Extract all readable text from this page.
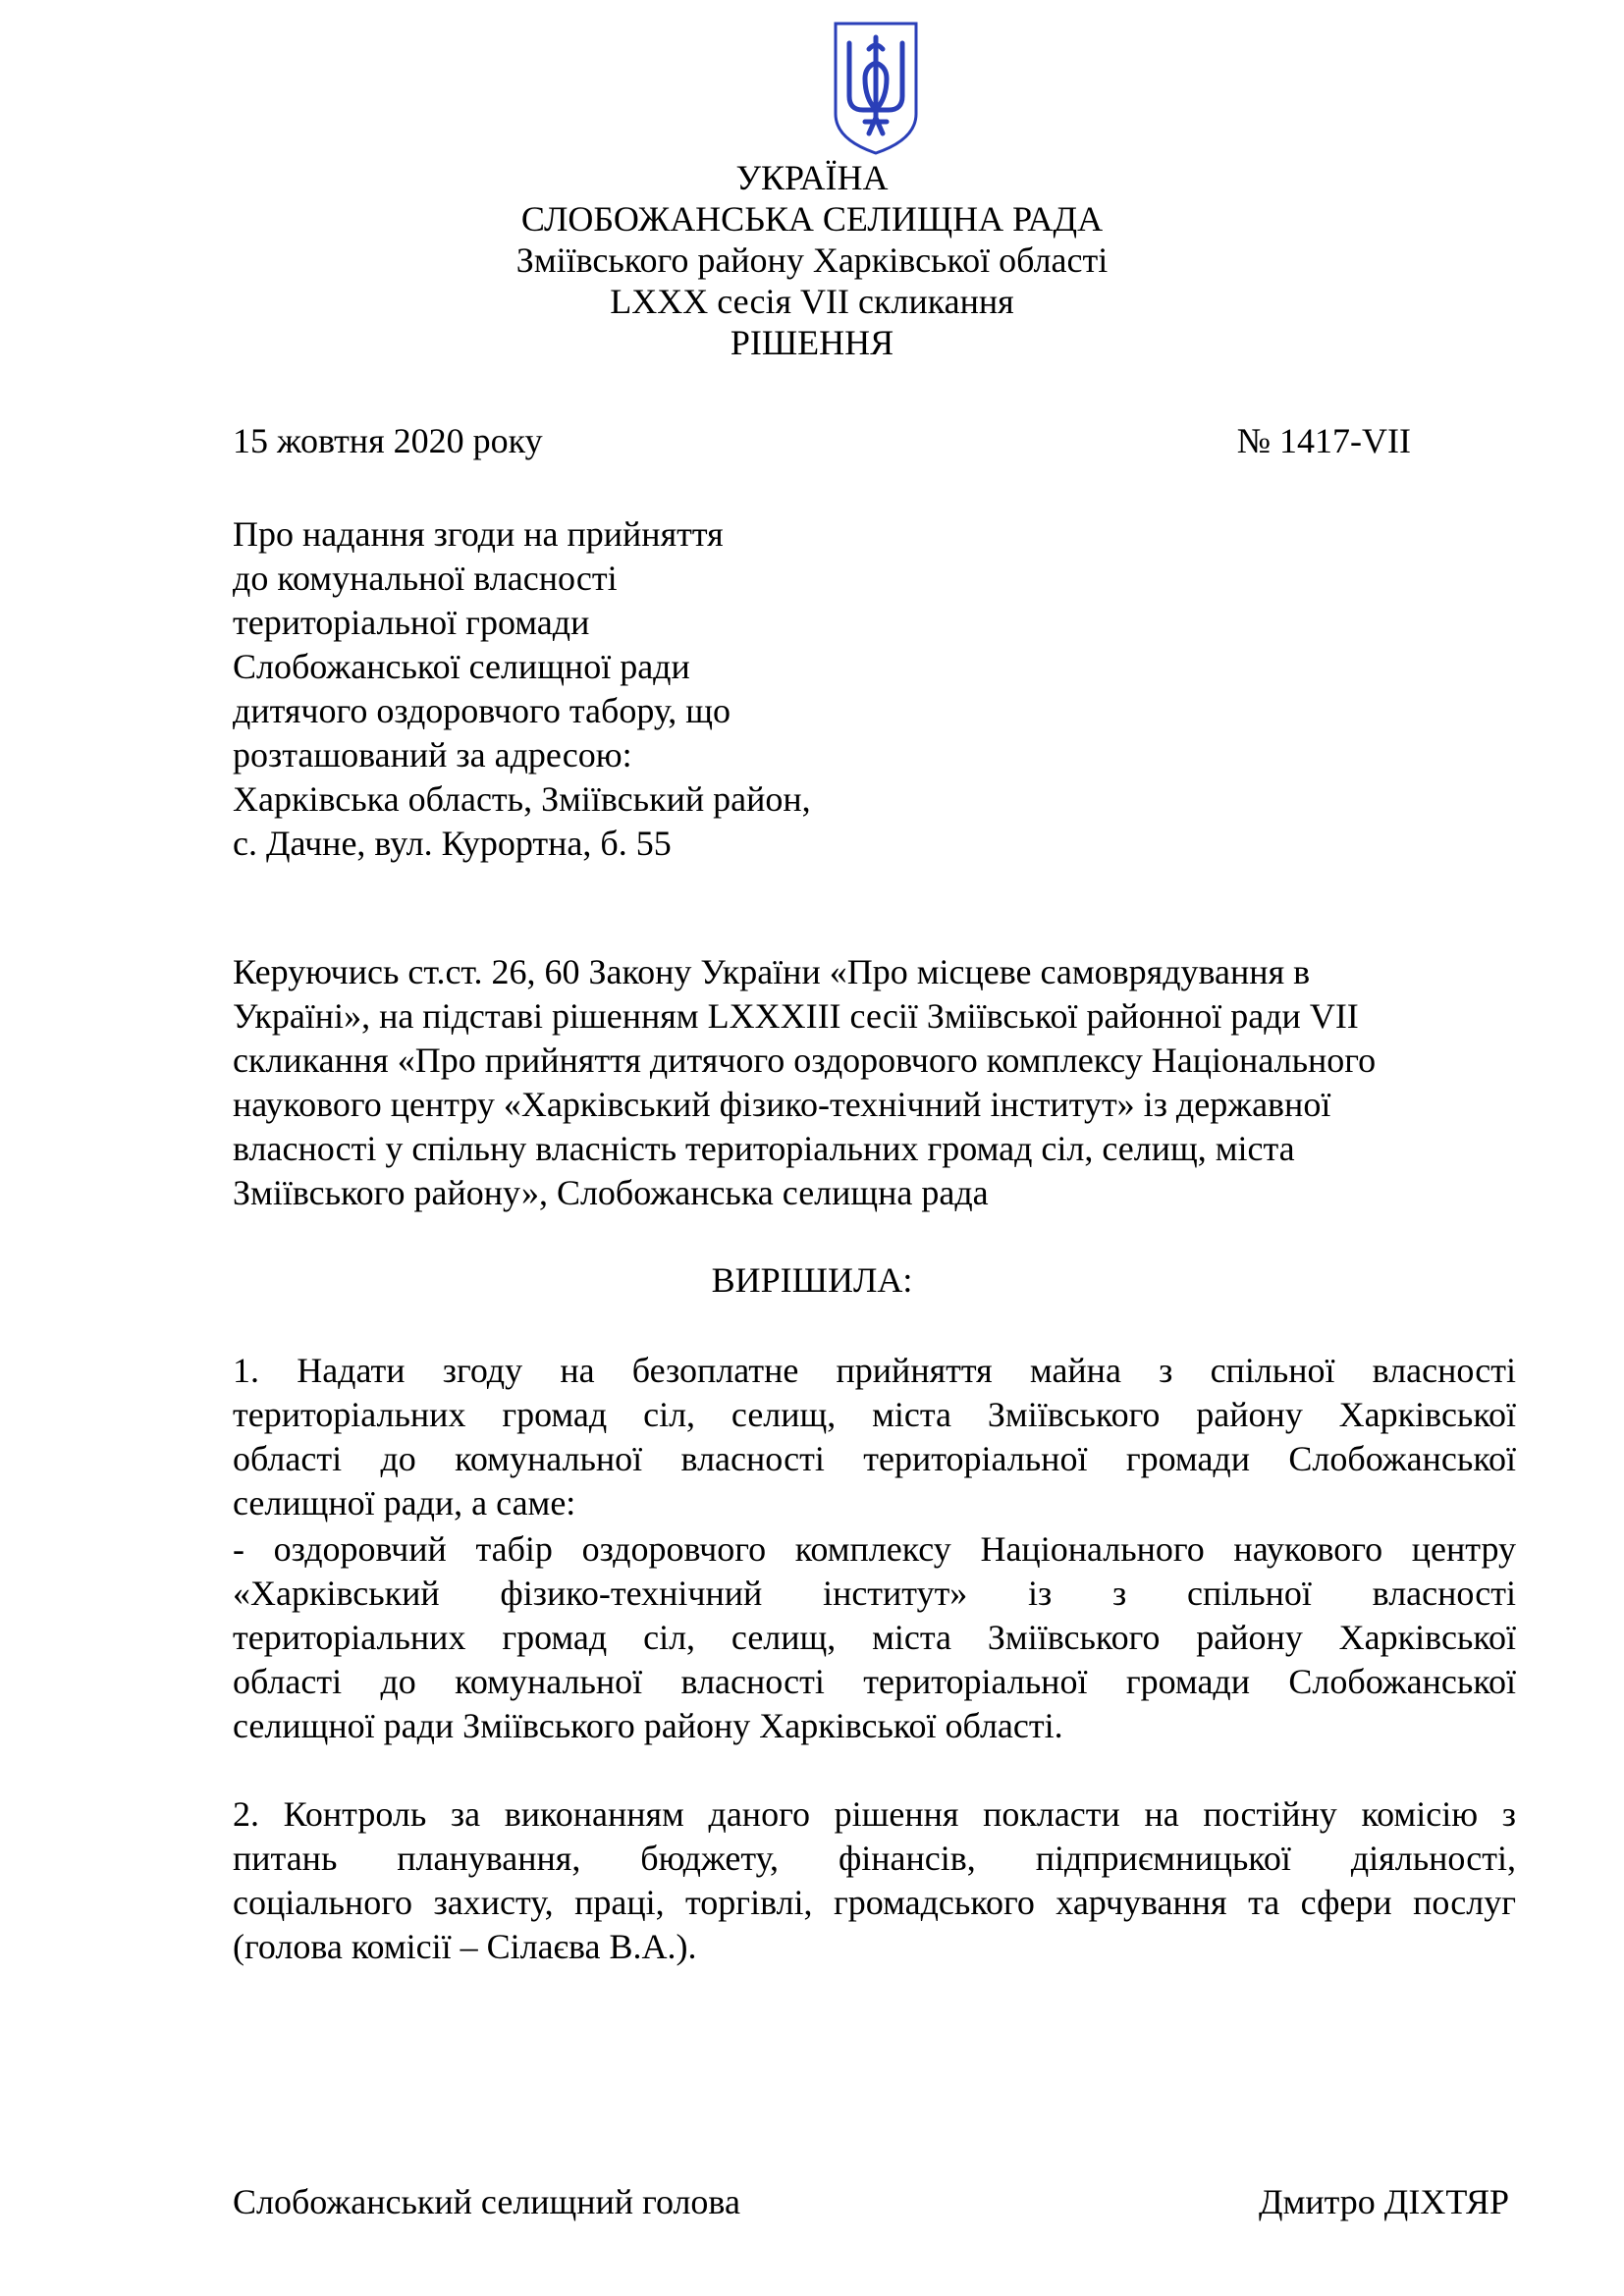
УКРАЇНА
СЛОБОЖАНСЬКА СЕЛИЩНА РАДА
Зміївського району Харківської області
LXXX сесія VII скликання
РІШЕННЯ
15 жовтня 2020 року	№ 1417-VII
Про надання згоди на прийняття
до комунальної власності
територіальної громади
Слобожанської селищної ради
дитячого оздоровчого табору, що
розташований за адресою:
Харківська область, Зміївський район,
с. Дачне, вул. Курортна, б. 55
Керуючись ст.ст. 26, 60 Закону України «Про місцеве самоврядування в
Україні», на підставі рішенням LXXXIII сесії Зміївської районної ради VII
скликання «Про прийняття дитячого оздоровчого комплексу Національного
наукового центру «Харківський фізико-технічний інститут» із державної
власності у спільну власність територіальних громад сіл, селищ, міста
Зміївського району», Слобожанська селищна рада
ВИРІШИЛА:
1. Надати згоду на безоплатне прийняття майна з спільної власності
територіальних громад сіл, селищ, міста Зміївського району Харківської
області до комунальної власності територіальної громади Слобожанської
селищної ради, а саме:
- оздоровчий табір оздоровчого комплексу Національного наукового центру
«Харківський фізико-технічний інститут» із з спільної власності
територіальних громад сіл, селищ, міста Зміївського району Харківської
області до комунальної власності територіальної громади Слобожанської
селищної ради Зміївського району Харківської області.
2. Контроль за виконанням даного рішення покласти на постійну комісію з
питань планування, бюджету, фінансів, підприємницької діяльності,
соціального захисту, праці, торгівлі, громадського харчування та сфери послуг
(голова комісії – Сілаєва В.А.).
Слобожанський селищний голова	Дмитро ДІХТЯР
